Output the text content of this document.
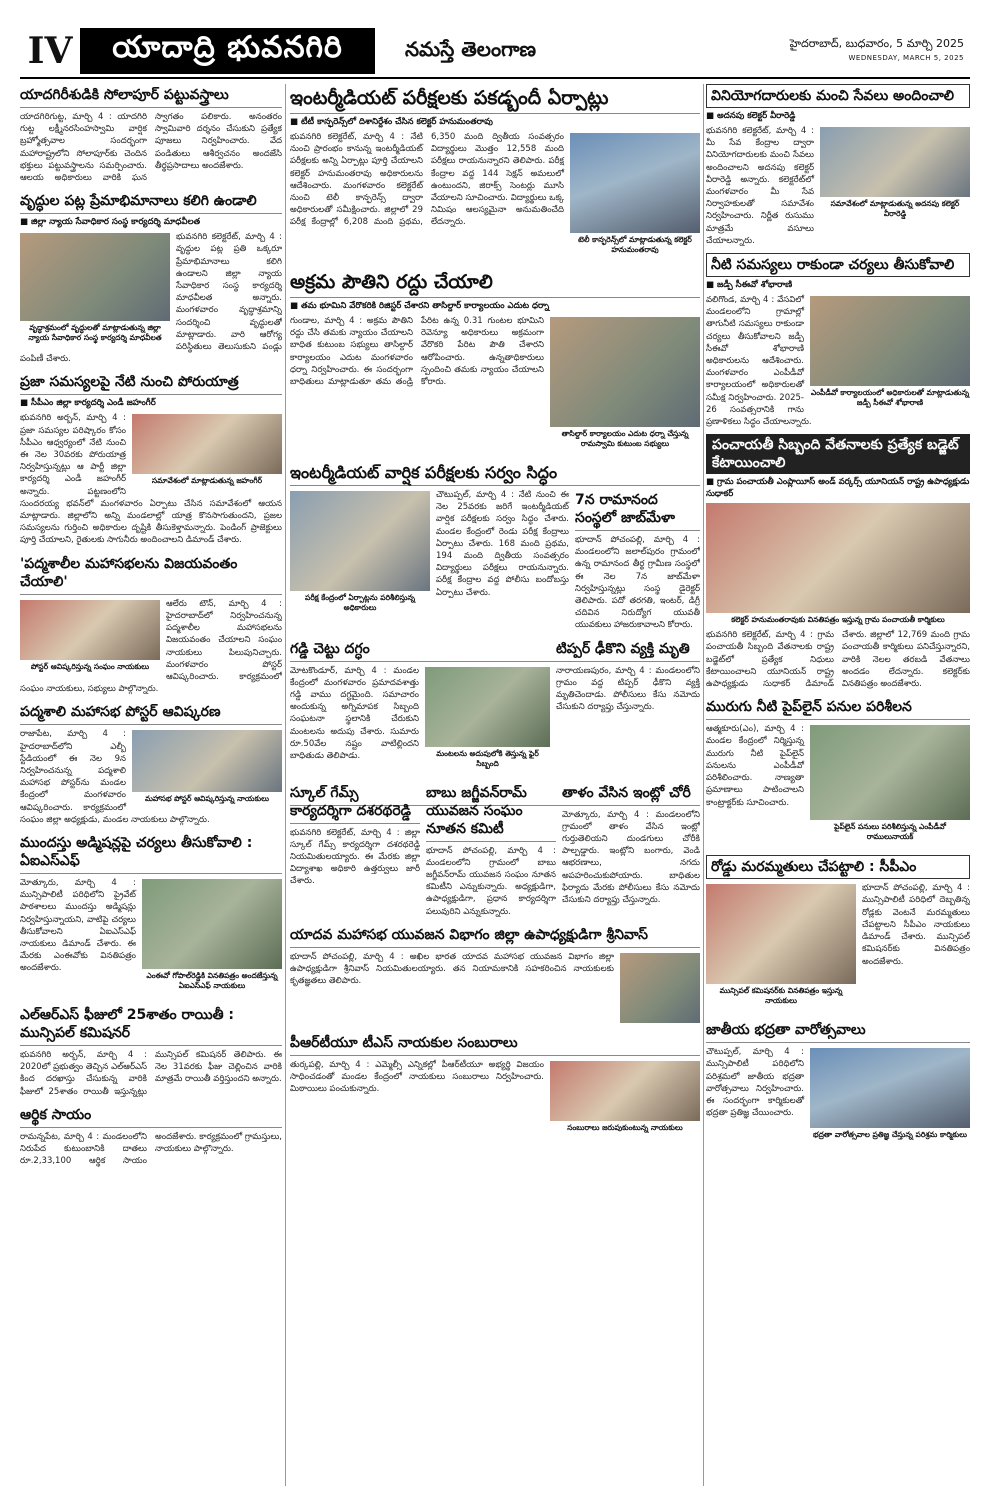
IV	యాదాద్రి భువనగిరి	నమస్తే తెలంగాణ	హైదరాబాద్, బుధవారం, 5 మార్చి 2025
WEDNESDAY, MARCH 5, 2025
యాదగిరీశుడికి సోలాపూర్‌ పట్టువస్త్రాలు
యాదగిరిగుట్ట, మార్చి 4 : యాదగిరి గుట్ట లక్ష్మీనరసింహస్వామి వార్షిక బ్రహ్మోత్సవాల సందర్భంగా మహారాష్ట్రలోని సోలాపూర్‌కు చెందిన భక్తులు పట్టువస్త్రాలను సమర్పించారు. ఆలయ అధికారులు వారికి ఘన స్వాగతం పలికారు. అనంతరం స్వామివారి దర్శనం చేసుకుని ప్రత్యేక పూజలు నిర్వహించారు. వేద పండితులు ఆశీర్వచనం అందజేసి తీర్థప్రసాదాలు అందజేశారు.
వృద్ధుల పట్ల ప్రేమాభిమానాలు కలిగి ఉండాలి
■ జిల్లా న్యాయ సేవాధికార సంస్థ కార్యదర్శి మాధవీలత
వృద్ధాశ్రమంలో వృద్ధులతో మాట్లాడుతున్న జిల్లా న్యాయ సేవాధికార సంస్థ కార్యదర్శి మాధవీలత
భువనగిరి కలెక్టరేట్‌, మార్చి 4 : వృద్ధుల పట్ల ప్రతి ఒక్కరూ ప్రేమాభిమానాలు కలిగి ఉండాలని జిల్లా న్యాయ సేవాధికార సంస్థ కార్యదర్శి మాధవీలత అన్నారు. మంగళవారం వృద్ధాశ్రమాన్ని సందర్శించి వృద్ధులతో మాట్లాడారు. వారి ఆరోగ్య పరిస్థితులు తెలుసుకుని పండ్లు పంపిణీ చేశారు.
ప్రజా సమస్యలపై నేటి నుంచి పోరుయాత్ర
■ సీపీఎం జిల్లా కార్యదర్శి ఎండీ జహంగీర్‌
సమావేశంలో మాట్లాడుతున్న జహంగీర్‌
భువనగిరి అర్బన్‌, మార్చి 4 : ప్రజా సమస్యల పరిష్కారం కోసం సీపీఎం ఆధ్వర్యంలో నేటి నుంచి ఈ నెల 30వరకు పోరుయాత్ర నిర్వహిస్తున్నట్లు ఆ పార్టీ జిల్లా కార్యదర్శి ఎండీ జహంగీర్‌ అన్నారు. పట్టణంలోని సుందరయ్య భవన్‌లో మంగళవారం ఏర్పాటు చేసిన సమావేశంలో ఆయన మాట్లాడారు. జిల్లాలోని అన్ని మండలాల్లో యాత్ర కొనసాగుతుందని, ప్రజల సమస్యలను గుర్తించి అధికారుల దృష్టికి తీసుకెళ్తామన్నారు. పెండింగ్‌ ప్రాజెక్టులు పూర్తి చేయాలని, రైతులకు సాగునీరు అందించాలని డిమాండ్‌ చేశారు.
'పద్మశాలీల మహాసభలను విజయవంతం చేయాలి'
పోస్టర్‌ ఆవిష్కరిస్తున్న సంఘం నాయకులు
ఆలేరు టౌన్‌, మార్చి 4 : హైదరాబాద్‌లో నిర్వహించనున్న పద్మశాలీల మహాసభలను విజయవంతం చేయాలని సంఘం నాయకులు పిలుపునిచ్చారు. మంగళవారం పోస్టర్‌ ఆవిష్కరించారు. కార్యక్రమంలో సంఘం నాయకులు, సభ్యులు పాల్గొన్నారు.
పద్మశాలి మహాసభ పోస్టర్‌ ఆవిష్కరణ
మహాసభ పోస్టర్‌ ఆవిష్కరిస్తున్న నాయకులు
రాజాపేట, మార్చి 4 : హైదరాబాద్‌లోని ఎల్బీ స్టేడియంలో ఈ నెల 9న నిర్వహించనున్న పద్మశాలి మహాసభ పోస్టర్‌ను మండల కేంద్రంలో మంగళవారం ఆవిష్కరించారు. కార్యక్రమంలో సంఘం జిల్లా అధ్యక్షుడు, మండల నాయకులు పాల్గొన్నారు.
ముందస్తు అడ్మిషన్లపై చర్యలు తీసుకోవాలి : ఏఐఎస్‌ఎఫ్‌
ఎంఈవో గోపాల్‌రెడ్డికి వినతిపత్రం అందజేస్తున్న ఏఐఎస్‌ఎఫ్‌ నాయకులు
మోత్కూరు, మార్చి 4 : మున్సిపాలిటీ పరిధిలోని ప్రైవేట్‌ పాఠశాలలు ముందస్తు అడ్మిషన్లు నిర్వహిస్తున్నాయని, వాటిపై చర్యలు తీసుకోవాలని ఏఐఎస్‌ఎఫ్‌ నాయకులు డిమాండ్‌ చేశారు. ఈ మేరకు ఎంఈవోకు వినతిపత్రం అందజేశారు.
ఎల్‌ఆర్‌ఎస్‌ ఫీజులో 25శాతం రాయితీ : మున్సిపల్‌ కమిషనర్‌
భువనగిరి అర్బన్‌, మార్చి 4 : 2020లో ప్రభుత్వం తెచ్చిన ఎల్‌ఆర్‌ఎస్‌ కింద దరఖాస్తు చేసుకున్న వారికి ఫీజులో 25శాతం రాయితీ ఇస్తున్నట్లు మున్సిపల్‌ కమిషనర్‌ తెలిపారు. ఈ నెల 31వరకు ఫీజు చెల్లించిన వారికి మాత్రమే రాయితీ వర్తిస్తుందని అన్నారు.
ఆర్థిక సాయం
రామన్నపేట, మార్చి 4 : మండలంలోని నిరుపేద కుటుంబానికి దాతలు రూ.2,33,100 ఆర్థిక సాయం అందజేశారు. కార్యక్రమంలో గ్రామస్తులు, నాయకులు పాల్గొన్నారు.
ఇంటర్మీడియట్‌ పరీక్షలకు పకడ్బందీ ఏర్పాట్లు
■ టీటీ కాన్ఫరెన్స్‌లో దిశానిర్దేశం చేసిన కలెక్టర్‌ హనుమంతరావు
టెలీ కాన్ఫరెన్స్‌లో మాట్లాడుతున్న కలెక్టర్‌ హనుమంతరావు
భువనగిరి కలెక్టరేట్‌, మార్చి 4 : నేటి నుంచి ప్రారంభం కానున్న ఇంటర్మీడియట్‌ పరీక్షలకు అన్ని ఏర్పాట్లు పూర్తి చేయాలని కలెక్టర్‌ హనుమంతరావు అధికారులను ఆదేశించారు. మంగళవారం కలెక్టరేట్‌ నుంచి టెలీ కాన్ఫరెన్స్‌ ద్వారా అధికారులతో సమీక్షించారు. జిల్లాలో 29 పరీక్ష కేంద్రాల్లో 6,208 మంది ప్రథమ, 6,350 మంది ద్వితీయ సంవత్సరం విద్యార్థులు మొత్తం 12,558 మంది పరీక్షలు రాయనున్నారని తెలిపారు. పరీక్ష కేంద్రాల వద్ద 144 సెక్షన్‌ అమలులో ఉంటుందని, జిరాక్స్‌ సెంటర్లు మూసి వేయాలని సూచించారు. విద్యార్థులు ఒక్క నిమిషం ఆలస్యమైనా అనుమతించేది లేదన్నారు.
అక్రమ పౌతిని రద్దు చేయాలి
■ తమ భూమిని వేరొకరికి రిజిస్టర్‌ చేశారని తాసిల్దార్‌ కార్యాలయం ఎదుట ధర్నా
తాసిల్దార్‌ కార్యాలయం ఎదుట ధర్నా చేస్తున్న రామస్వామి కుటుంబ సభ్యులు
గుండాల, మార్చి 4 : అక్రమ పౌతిని రద్దు చేసి తమకు న్యాయం చేయాలని బాధిత కుటుంబ సభ్యులు తాసిల్దార్‌ కార్యాలయం ఎదుట మంగళవారం ధర్నా నిర్వహించారు. ఈ సందర్భంగా బాధితులు మాట్లాడుతూ తమ తండ్రి పేరిట ఉన్న 0.31 గుంటల భూమిని రెవెన్యూ అధికారులు అక్రమంగా వేరొకరి పేరిట పౌతి చేశారని ఆరోపించారు. ఉన్నతాధికారులు స్పందించి తమకు న్యాయం చేయాలని కోరారు.
ఇంటర్మీడియట్‌ వార్షిక పరీక్షలకు సర్వం సిద్ధం
పరీక్ష కేంద్రంలో ఏర్పాట్లను పరిశీలిస్తున్న అధికారులు
7న రామానంద సంస్థలో జాబ్‌మేళా
భూదాన్‌ పోచంపల్లి, మార్చి 4 : మండలంలోని జలాల్‌పురం గ్రామంలో ఉన్న రామానంద తీర్థ గ్రామీణ సంస్థలో ఈ నెల 7న జాబ్‌మేళా నిర్వహిస్తున్నట్లు సంస్థ డైరెక్టర్‌ తెలిపారు. పదో తరగతి, ఇంటర్‌, డిగ్రీ చదివిన నిరుద్యోగ యువతీ యువకులు హాజరుకావాలని కోరారు.
చౌటుప్పల్‌, మార్చి 4 : నేటి నుంచి ఈ నెల 25వరకు జరిగే ఇంటర్మీడియట్‌ వార్షిక పరీక్షలకు సర్వం సిద్ధం చేశారు. మండల కేంద్రంలో రెండు పరీక్ష కేంద్రాలు ఏర్పాటు చేశారు. 168 మంది ప్రథమ, 194 మంది ద్వితీయ సంవత్సరం విద్యార్థులు పరీక్షలు రాయనున్నారు. పరీక్ష కేంద్రాల వద్ద పోలీసు బందోబస్తు ఏర్పాటు చేశారు.
గడ్డి చెట్టు దగ్ధం
మంటలను అదుపులోకి తెస్తున్న ఫైర్‌ సిబ్బంది
మోటకొండూర్‌, మార్చి 4 : మండల కేంద్రంలో మంగళవారం ప్రమాదవశాత్తు గడ్డి వాము దగ్ధమైంది. సమాచారం అందుకున్న అగ్నిమాపక సిబ్బంది సంఘటనా స్థలానికి చేరుకుని మంటలను అదుపు చేశారు. సుమారు రూ.50వేల నష్టం వాటిల్లిందని బాధితుడు తెలిపాడు.
టిప్పర్‌ ఢీకొని వ్యక్తి మృతి
నారాయణపురం, మార్చి 4 : మండలంలోని గ్రామం వద్ద టిప్పర్‌ ఢీకొని వ్యక్తి మృతిచెందాడు. పోలీసులు కేసు నమోదు చేసుకుని దర్యాప్తు చేస్తున్నారు.
స్కూల్‌ గేమ్స్‌ కార్యదర్శిగా దశరథరెడ్డి
భువనగిరి కలెక్టరేట్‌, మార్చి 4 : జిల్లా స్కూల్‌ గేమ్స్‌ కార్యదర్శిగా దశరథరెడ్డి నియమితులయ్యారు. ఈ మేరకు జిల్లా విద్యాశాఖ అధికారి ఉత్తర్వులు జారీ చేశారు.
బాబు జగ్జీవన్‌రామ్‌ యువజన సంఘం నూతన కమిటీ
భూదాన్‌ పోచంపల్లి, మార్చి 4 : మండలంలోని గ్రామంలో బాబు జగ్జీవన్‌రామ్‌ యువజన సంఘం నూతన కమిటీని ఎన్నుకున్నారు. అధ్యక్షుడిగా, ఉపాధ్యక్షుడిగా, ప్రధాన కార్యదర్శిగా పలువురిని ఎన్నుకున్నారు.
తాళం వేసిన ఇంట్లో చోరీ
మోత్కూరు, మార్చి 4 : మండలంలోని గ్రామంలో తాళం వేసిన ఇంట్లో గుర్తుతెలియని దుండగులు చోరీకి పాల్పడ్డారు. ఇంట్లోని బంగారు, వెండి ఆభరణాలు, నగదు అపహరించుకుపోయారు. బాధితుల ఫిర్యాదు మేరకు పోలీసులు కేసు నమోదు చేసుకుని దర్యాప్తు చేస్తున్నారు.
యాదవ మహాసభ యువజన విభాగం జిల్లా ఉపాధ్యక్షుడిగా శ్రీనివాస్‌
భూదాన్‌ పోచంపల్లి, మార్చి 4 : అఖిల భారత యాదవ మహాసభ యువజన విభాగం జిల్లా ఉపాధ్యక్షుడిగా శ్రీనివాస్‌ నియమితులయ్యారు. తన నియామకానికి సహకరించిన నాయకులకు కృతజ్ఞతలు తెలిపారు.
పీఆర్‌టీయూ టీఎస్‌ నాయకుల సంబురాలు
సంబురాలు జరుపుకుంటున్న నాయకులు
తుర్కపల్లి, మార్చి 4 : ఎమ్మెల్సీ ఎన్నికల్లో పీఆర్‌టీయూ అభ్యర్థి విజయం సాధించడంతో మండల కేంద్రంలో నాయకులు సంబురాలు నిర్వహించారు. మిఠాయిలు పంచుకున్నారు.
వినియోగదారులకు మంచి సేవలు అందించాలి
■ అదనపు కలెక్టర్‌ వీరారెడ్డి
సమావేశంలో మాట్లాడుతున్న అదనపు కలెక్టర్‌ వీరారెడ్డి
భువనగిరి కలెక్టరేట్‌, మార్చి 4 : మీ సేవ కేంద్రాల ద్వారా వినియోగదారులకు మంచి సేవలు అందించాలని అదనపు కలెక్టర్‌ వీరారెడ్డి అన్నారు. కలెక్టరేట్‌లో మంగళవారం మీ సేవ నిర్వాహకులతో సమావేశం నిర్వహించారు. నిర్ణీత రుసుము మాత్రమే వసూలు చేయాలన్నారు.
నీటి సమస్యలు రాకుండా చర్యలు తీసుకోవాలి
■ జడ్పీ సీఈవో శోభారాణి
ఎంపీడీవో కార్యాలయంలో అధికారులతో మాట్లాడుతున్న జడ్పీ సీఈవో శోభారాణి
వలిగొండ, మార్చి 4 : వేసవిలో మండలంలోని గ్రామాల్లో తాగునీటి సమస్యలు రాకుండా చర్యలు తీసుకోవాలని జడ్పీ సీఈవో శోభారాణి అధికారులను ఆదేశించారు. మంగళవారం ఎంపీడీవో కార్యాలయంలో అధికారులతో సమీక్ష నిర్వహించారు. 2025-26 సంవత్సరానికి గాను ప్రణాళికలు సిద్ధం చేయాలన్నారు.
పంచాయతీ సిబ్బంది వేతనాలకు ప్రత్యేక బడ్జెట్‌ కేటాయించాలి
■ గ్రామ పంచాయతీ ఎంప్లాయీస్‌ అండ్‌ వర్కర్స్‌ యూనియన్‌ రాష్ట్ర ఉపాధ్యక్షుడు సుధాకర్‌
కలెక్టర్‌ హనుమంతరావుకు వినతిపత్రం ఇస్తున్న గ్రామ పంచాయతీ కార్మికులు
భువనగిరి కలెక్టరేట్‌, మార్చి 4 : గ్రామ పంచాయతీ సిబ్బంది వేతనాలకు రాష్ట్ర బడ్జెట్‌లో ప్రత్యేక నిధులు కేటాయించాలని యూనియన్‌ రాష్ట్ర ఉపాధ్యక్షుడు సుధాకర్‌ డిమాండ్‌ చేశారు. జిల్లాలో 12,769 మంది గ్రామ పంచాయతీ కార్మికులు పనిచేస్తున్నారని, వారికి నెలల తరబడి వేతనాలు అందడం లేదన్నారు. కలెక్టర్‌కు వినతిపత్రం అందజేశారు.
మురుగు నీటి పైప్‌లైన్‌ పనుల పరిశీలన
పైప్‌లైన్‌ పనులు పరిశీలిస్తున్న ఎంపీడీవో రాములునాయక్‌
ఆత్మకూరు(ఎం), మార్చి 4 : మండల కేంద్రంలో నిర్మిస్తున్న మురుగు నీటి పైప్‌లైన్‌ పనులను ఎంపీడీవో పరిశీలించారు. నాణ్యతా ప్రమాణాలు పాటించాలని కాంట్రాక్టర్‌కు సూచించారు.
రోడ్డు మరమ్మతులు చేపట్టాలి : సీపీఎం
మున్సిపల్‌ కమిషనర్‌కు వినతిపత్రం ఇస్తున్న నాయకులు
భూదాన్‌ పోచంపల్లి, మార్చి 4 : మున్సిపాలిటీ పరిధిలో దెబ్బతిన్న రోడ్లకు వెంటనే మరమ్మతులు చేపట్టాలని సీపీఎం నాయకులు డిమాండ్‌ చేశారు. మున్సిపల్‌ కమిషనర్‌కు వినతిపత్రం అందజేశారు.
జాతీయ భద్రతా వారోత్సవాలు
భద్రతా వారోత్సవాల ప్రతిజ్ఞ చేస్తున్న పరిశ్రమ కార్మికులు
చౌటుప్పల్‌, మార్చి 4 : మున్సిపాలిటీ పరిధిలోని పరిశ్రమలో జాతీయ భద్రతా వారోత్సవాలు నిర్వహించారు. ఈ సందర్భంగా కార్మికులతో భద్రతా ప్రతిజ్ఞ చేయించారు.
